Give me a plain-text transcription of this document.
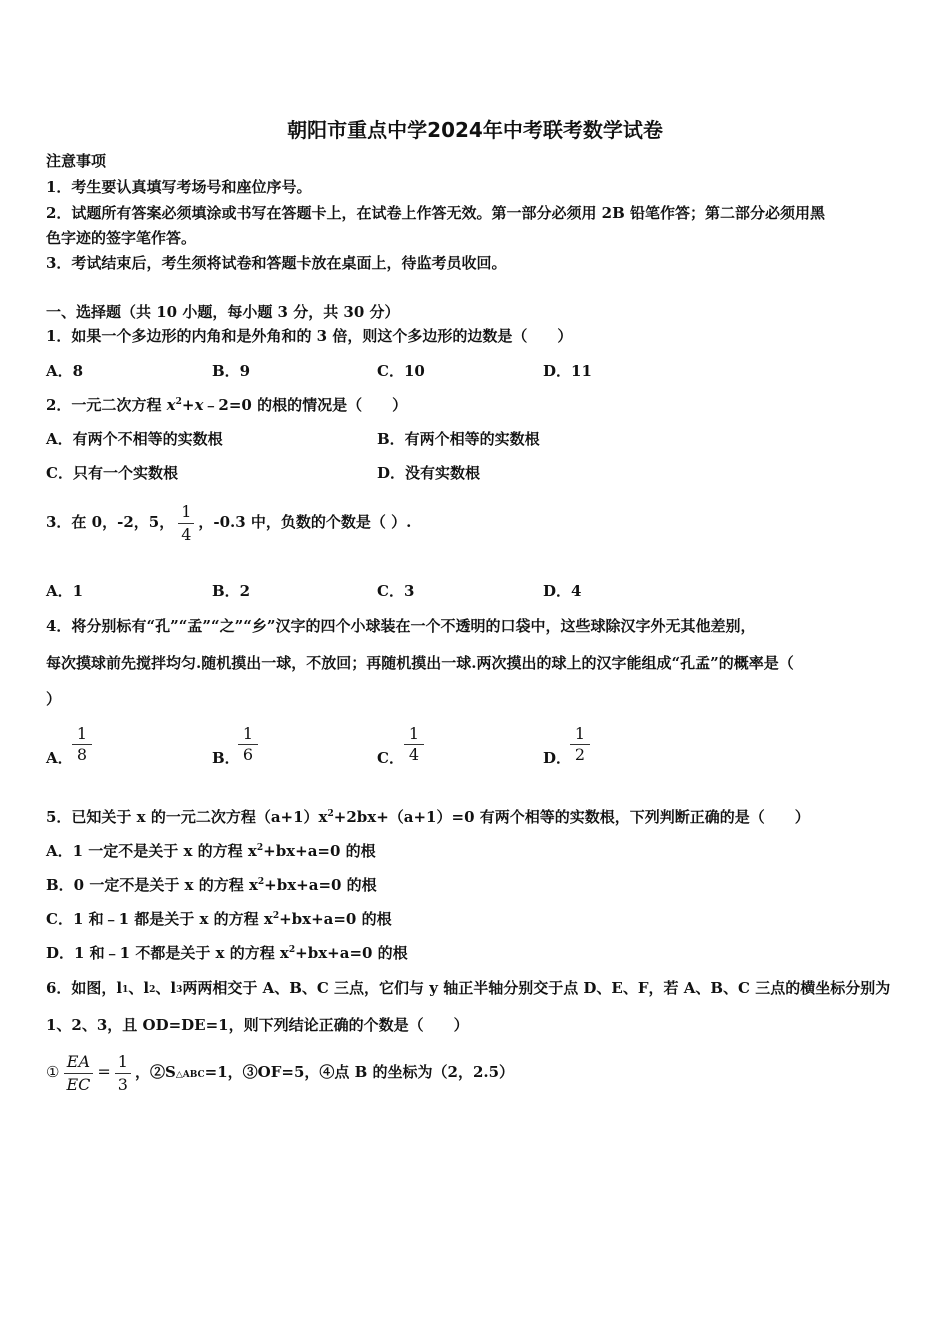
朝阳市重点中学2024年中考联考数学试卷
注意事项
1．考生要认真填写考场号和座位序号。
2．试题所有答案必须填涂或书写在答题卡上，在试卷上作答无效。第一部分必须用 2B 铅笔作答；第二部分必须用黑
色字迹的签字笔作答。
3．考试结束后，考生须将试卷和答题卡放在桌面上，待监考员收回。
一、选择题（共 10 小题，每小题 3 分，共 30 分）
1．如果一个多边形的内角和是外角和的 3 倍，则这个多边形的边数是（　　）
A．8	B．9	C．10	D．11
2．一元二次方程 $x^2+x﹣2=0$ 的根的情况是（　　）
A．有两个不相等的实数根	B．有两个相等的实数根
C．只有一个实数根	D．没有实数根
3．在 0，-2，5， $\frac{1}{4}$ ，-0.3 中，负数的个数是（ ）.
A．1	B．2	C．3	D．4
4．将分别标有“孔”“孟”“之”“乡”汉字的四个小球装在一个不透明的口袋中，这些球除汉字外无其他差别，
每次摸球前先搅拌均匀.随机摸出一球，不放回；再随机摸出一球.两次摸出的球上的汉字能组成“孔孟”的概率是（
）
A． $\frac{1}{8}$	B．
$\frac{1}{6}$	C． $\frac{1}{4}$	D．
$\frac{1}{2}$
5．已知关于 x 的一元二次方程$(a+1)x^2+2bx+(a+1)=0$ 有两个相等的实数根，下列判断正确的是（　　）
A．1 一定不是关于 x 的方程 $x^2+bx+a=0$ 的根
B．0 一定不是关于 x 的方程 $x^2+bx+a=0$ 的根
C．1 和﹣1 都是关于 x 的方程 $x^2+bx+a=0$ 的根
D．1 和﹣1 不都是关于 x 的方程 $x^2+bx+a=0$ 的根
6．如图，$l_1$、$l_2$、$l_3$两两相交于 A、B、C 三点，它们与 y 轴正半轴分别交于点 D、E、F，若 A、B、C 三点的横坐标分别为
1、2、3，且 OD=DE=1，则下列结论正确的个数是（　　）
① $\frac{EA}{EC} = \frac{1}{3}$ ，$②S_{\triangle ABC}=1$，③OF=5，④点 B 的坐标为（2，2.5）
